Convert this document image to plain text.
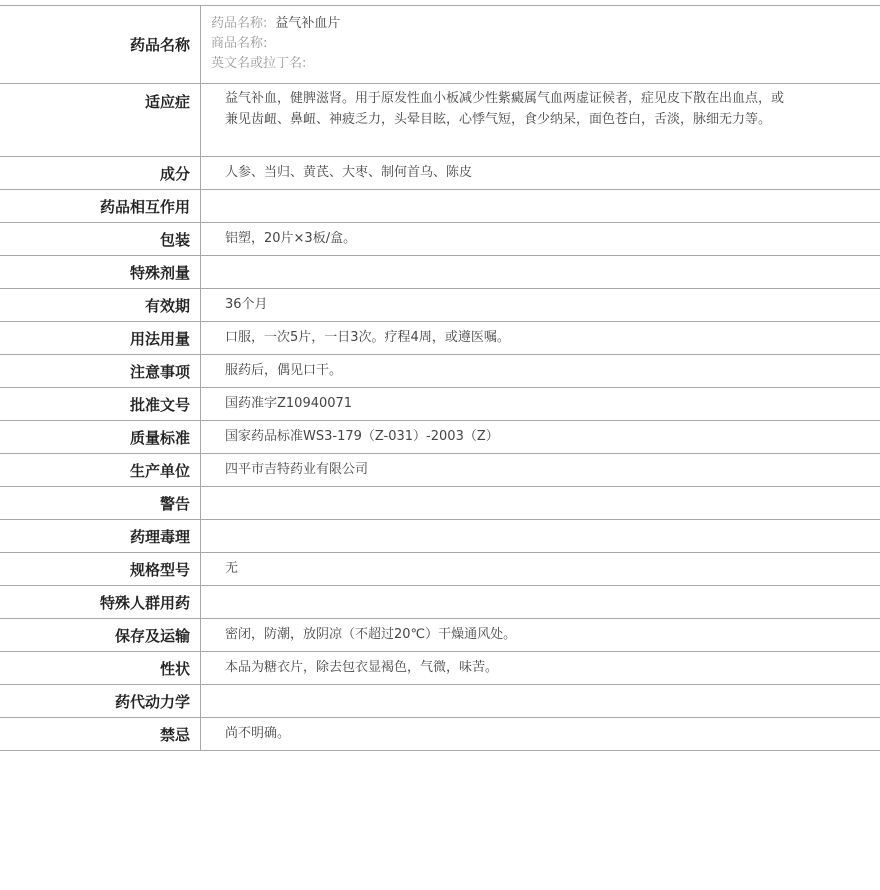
药品名称
药品名称: 益气补血片
商品名称:
英文名或拉丁名:
适应症	益气补血，健脾滋肾。用于原发性血小板减少性紫癜属气血两虚证候者，症见皮下散在出血点，或兼见齿衄、鼻衄、神疲乏力，头晕目眩，心悸气短，食少纳呆，面色苍白，舌淡，脉细无力等。
成分	人参、当归、黄芪、大枣、制何首乌、陈皮
药品相互作用
包装	铝塑，20片×3板/盒。
特殊剂量
有效期	36个月
用法用量	口服，一次5片，一日3次。疗程4周，或遵医嘱。
注意事项	服药后，偶见口干。
批准文号	国药准字Z10940071
质量标准	国家药品标准WS3-179（Z-031）-2003（Z）
生产单位	四平市吉特药业有限公司
警告
药理毒理
规格型号	无
特殊人群用药
保存及运输	密闭，防潮，放阴凉（不超过20℃）干燥通风处。
性状	本品为糖衣片，除去包衣显褐色，气微，味苦。
药代动力学
禁忌	尚不明确。
